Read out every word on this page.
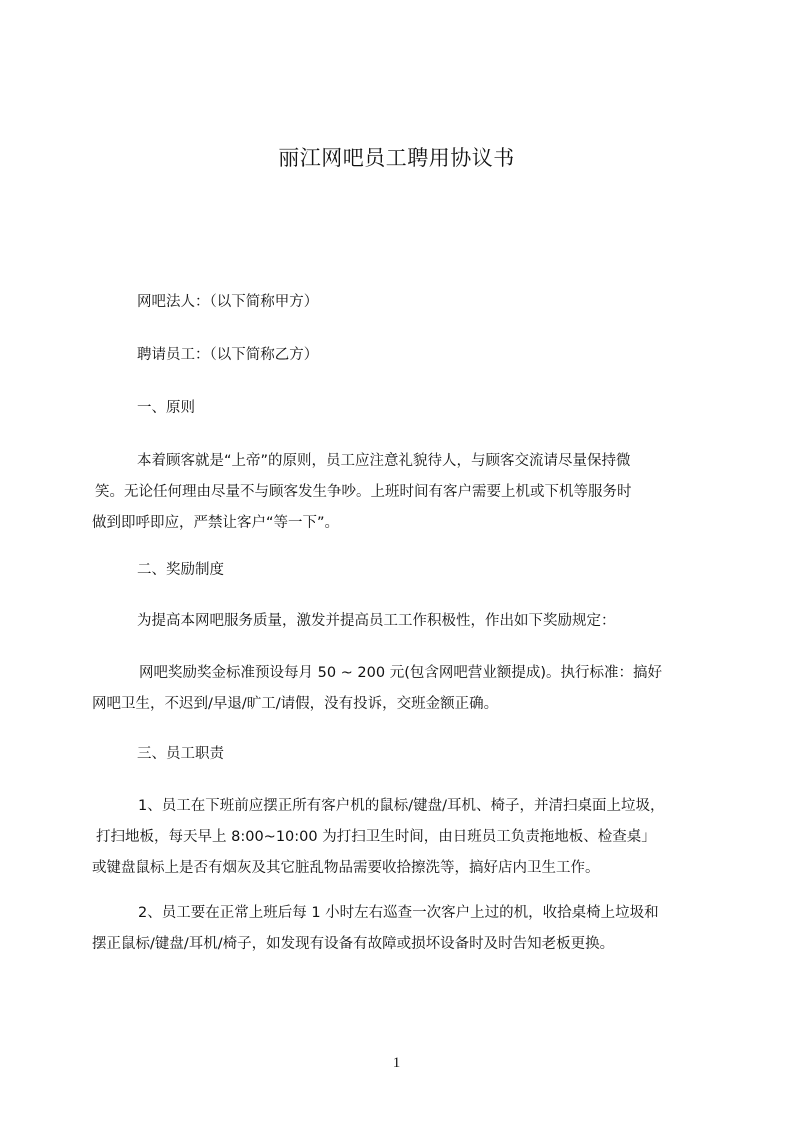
丽江网吧员工聘用协议书
网吧法人：（以下简称甲方）
聘请员工：（以下简称乙方）
一、原则
本着顾客就是“上帝”的原则，员工应注意礼貌待人，与顾客交流请尽量保持微
笑。无论任何理由尽量不与顾客发生争吵。上班时间有客户需要上机或下机等服务时
做到即呼即应，严禁让客户“等一下”。
二、奖励制度
为提高本网吧服务质量，激发并提高员工工作积极性，作出如下奖励规定：
网吧奖励奖金标准预设每月 50 ~ 200 元(包含网吧营业额提成)。执行标准：搞好
网吧卫生，不迟到/早退/旷工/请假，没有投诉，交班金额正确。
三、员工职责
1、员工在下班前应摆正所有客户机的鼠标/键盘/耳机、椅子，并清扫桌面上垃圾，
打扫地板，每天早上 8:00~10:00 为打扫卫生时间，由日班员工负责拖地板、检查桌」
或键盘鼠标上是否有烟灰及其它脏乱物品需要收拾擦洗等，搞好店内卫生工作。
2、员工要在正常上班后每 1 小时左右巡查一次客户上过的机，收拾桌椅上垃圾和
摆正鼠标/键盘/耳机/椅子，如发现有设备有故障或损坏设备时及时告知老板更换。
1
